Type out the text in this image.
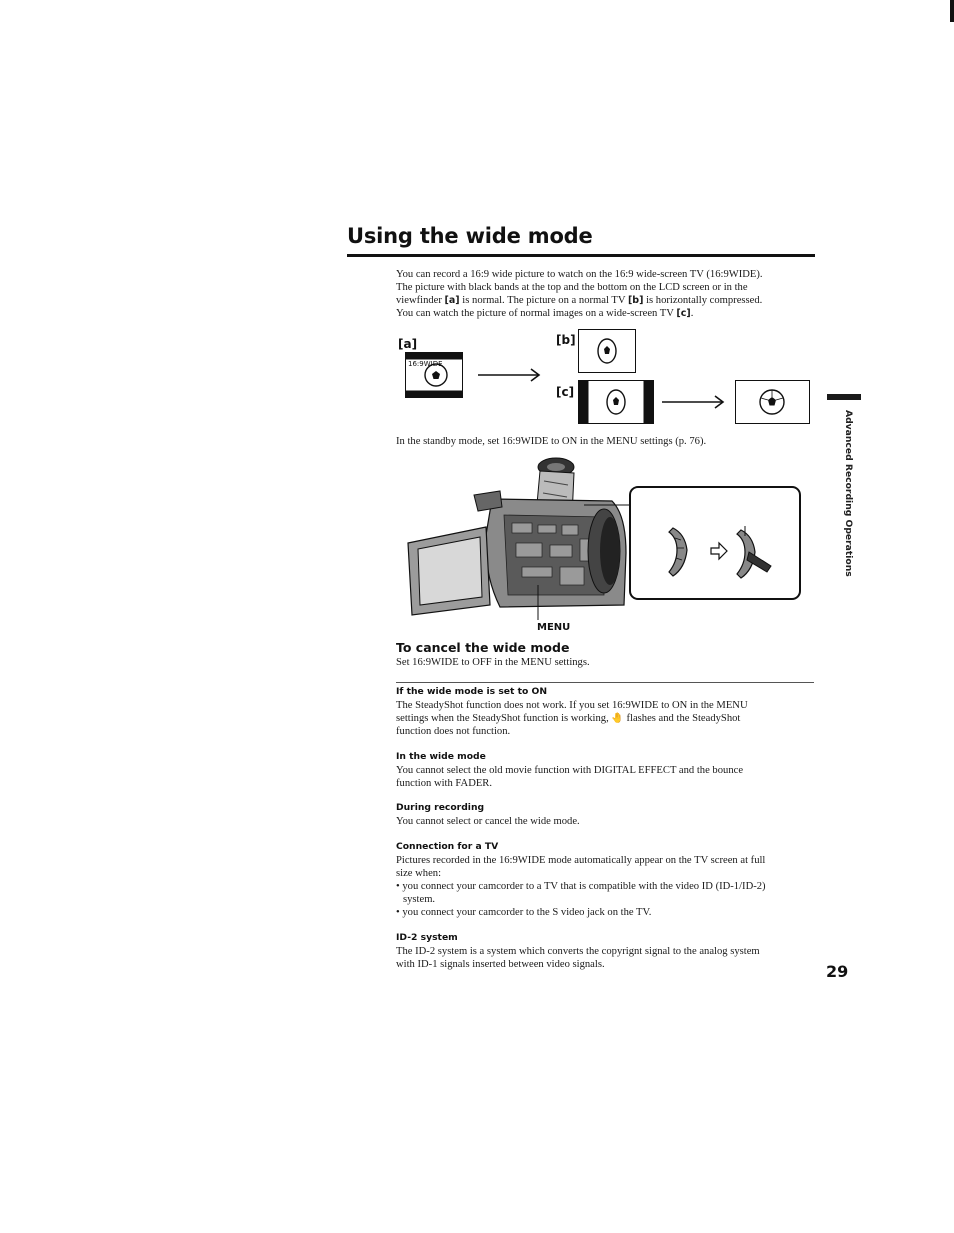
Using the wide mode
You can record a 16:9 wide picture to watch on the 16:9 wide-screen TV (16:9WIDE).
The picture with black bands at the top and the bottom on the LCD screen or in the
viewfinder [a] is normal. The picture on a normal TV [b] is horizontally compressed.
You can watch the picture of normal images on a wide-screen TV [c].
[a]	[b]
[c]
16:9WIDE
In the standby mode, set 16:9WIDE to ON in the MENU settings (p. 76).
MENU
To cancel the wide mode
Set 16:9WIDE to OFF in the MENU settings.
If the wide mode is set to ON

The SteadyShot function does not work. If you set 16:9WIDE to ON in the MENU

settings when the SteadyShot function is working, 🤚 flashes and the SteadyShot

function does not function.

In the wide mode

You cannot select the old movie function with DIGITAL EFFECT and the bounce

function with FADER.

During recording

You cannot select or cancel the wide mode.

Connection for a TV

Pictures recorded in the 16:9WIDE mode automatically appear on the TV screen at full

size when:

• you connect your camcorder to a TV that is compatible with the video ID (ID-1/ID-2)

system.

• you connect your camcorder to the S video jack on the TV.

ID-2 system

The ID-2 system is a system which converts the copyrignt signal to the analog system

with ID-1 signals inserted between video signals.

Advanced Recording Operations
29
